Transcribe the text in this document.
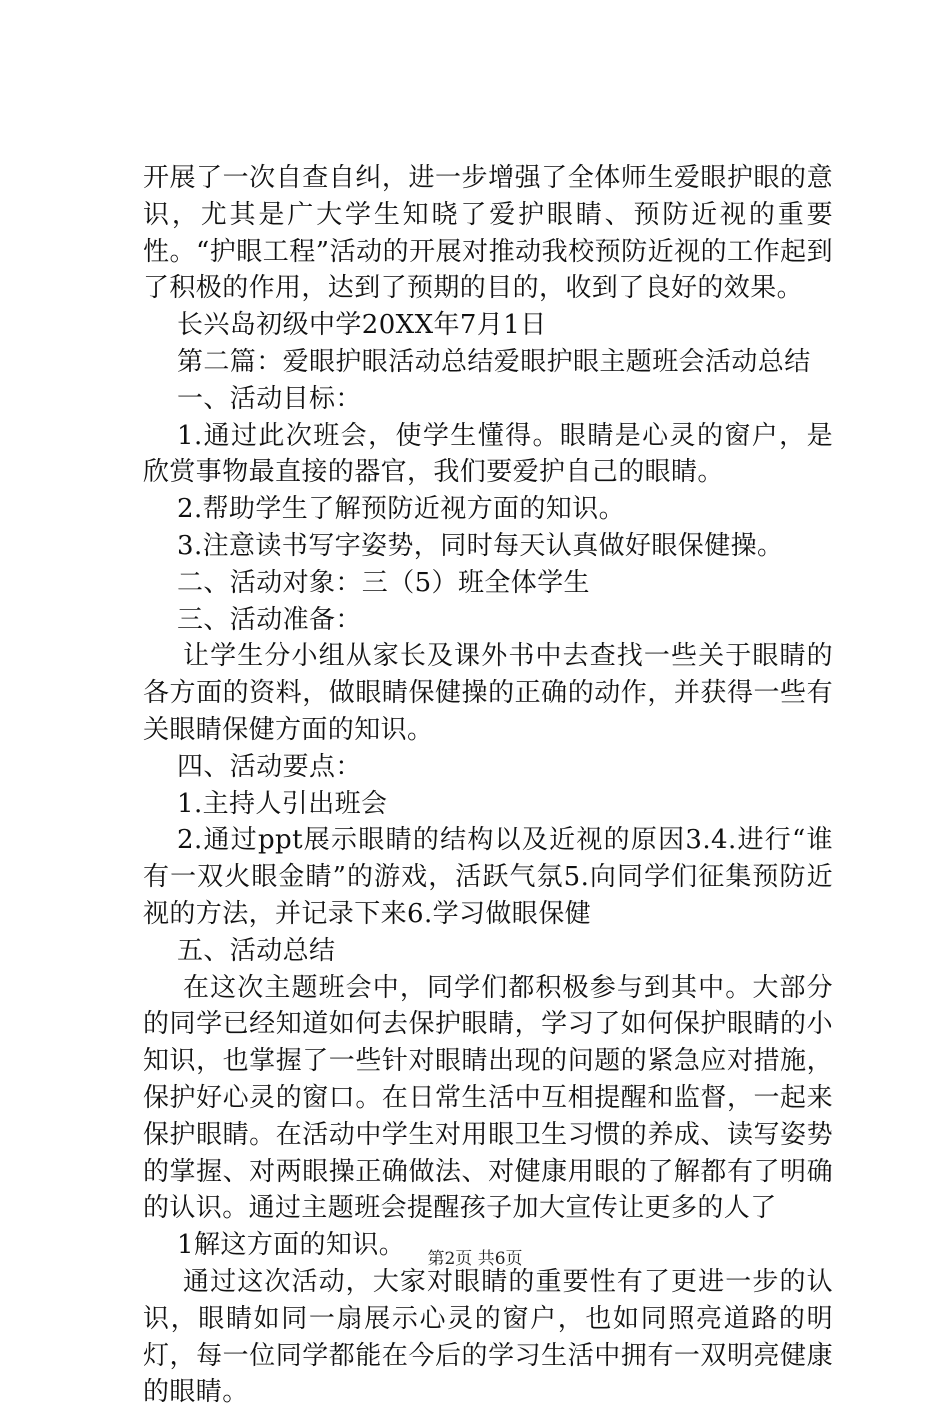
开展了一次自查自纠，进一步增强了全体师生爱眼护眼的意识，尤其是广大学生知晓了爱护眼睛、预防近视的重要性。“护眼工程”活动的开展对推动我校预防近视的工作起到了积极的作用，达到了预期的目的，收到了良好的效果。

长兴岛初级中学20XX年7月1日

第二篇：爱眼护眼活动总结爱眼护眼主题班会活动总结

一、活动目标：

1.通过此次班会，使学生懂得。眼睛是心灵的窗户，是欣赏事物最直接的器官，我们要爱护自己的眼睛。

2.帮助学生了解预防近视方面的知识。

3.注意读书写字姿势，同时每天认真做好眼保健操。

二、活动对象：三（5）班全体学生

三、活动准备：

让学生分小组从家长及课外书中去查找一些关于眼睛的各方面的资料，做眼睛保健操的正确的动作，并获得一些有关眼睛保健方面的知识。

四、活动要点：

1.主持人引出班会

2.通过ppt展示眼睛的结构以及近视的原因3.4.进行“谁有一双火眼金睛”的游戏，活跃气氛5.向同学们征集预防近视的方法，并记录下来6.学习做眼保健

五、活动总结

在这次主题班会中，同学们都积极参与到其中。大部分的同学已经知道如何去保护眼睛，学习了如何保护眼睛的小知识，也掌握了一些针对眼睛出现的问题的紧急应对措施，保护好心灵的窗口。在日常生活中互相提醒和监督，一起来保护眼睛。在活动中学生对用眼卫生习惯的养成、读写姿势的掌握、对两眼操正确做法、对健康用眼的了解都有了明确的认识。通过主题班会提醒孩子加大宣传让更多的人了

1解这方面的知识。

通过这次活动，大家对眼睛的重要性有了更进一步的认识，眼睛如同一扇展示心灵的窗户，也如同照亮道路的明灯，每一位同学都能在今后的学习生活中拥有一双明亮健康的眼睛。

第2页 共6页
